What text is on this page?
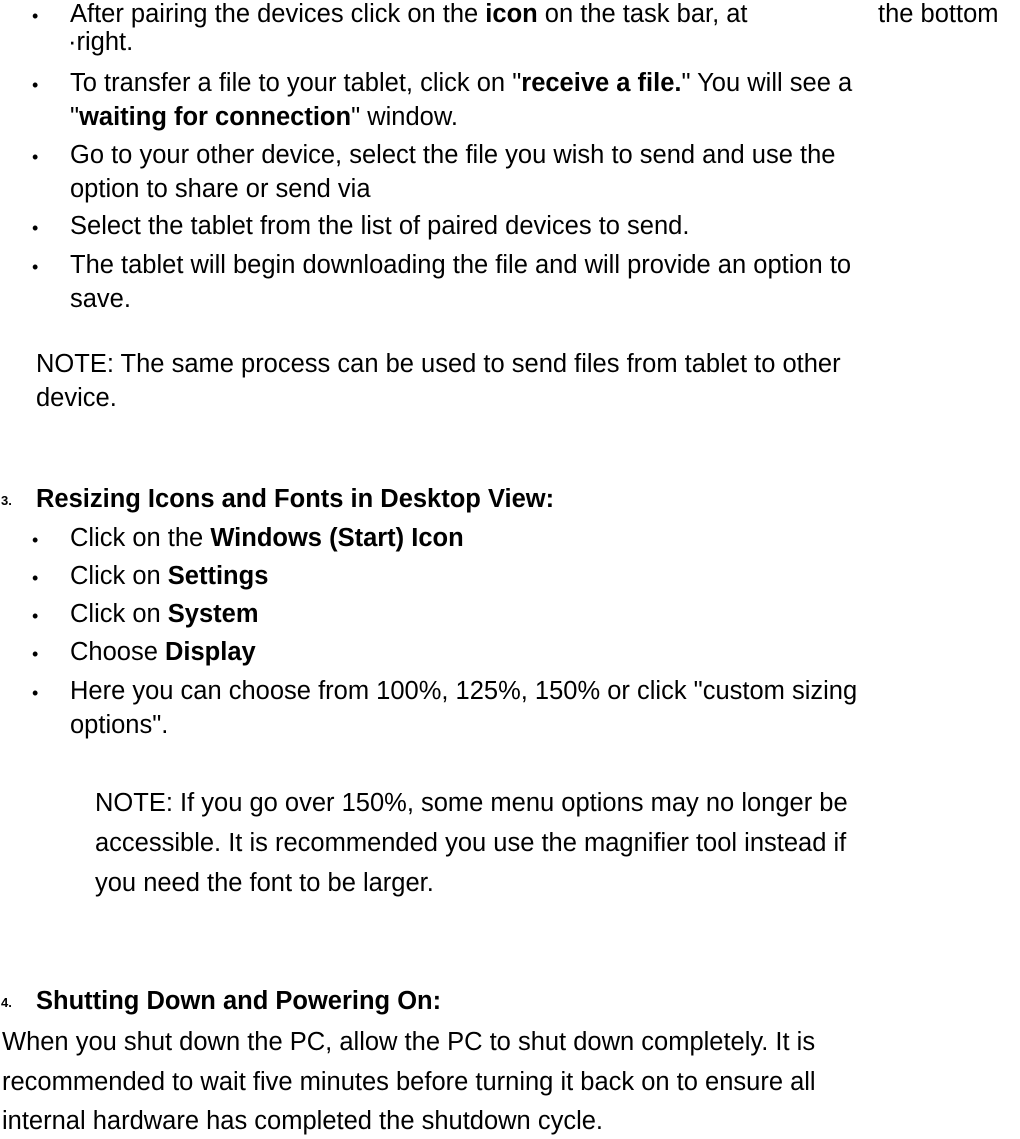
•
After pairing the devices click on the icon on the task bar, at	the bottom
·right.
•
To transfer a file to your tablet, click on "receive a file." You will see a
"waiting for connection" window.
•
Go to your other device, select the file you wish to send and use the
option to share or send via
•
Select the tablet from the list of paired devices to send.
•
The tablet will begin downloading the file and will provide an option to
save.
NOTE: The same process can be used to send files from tablet to other
device.
3. Resizing Icons and Fonts in Desktop View:
•
Click on the Windows (Start) Icon
•
Click on Settings
•
Click on System
•
Choose Display
•
Here you can choose from 100%, 125%, 150% or click "custom sizing
options".
NOTE: If you go over 150%, some menu options may no longer be
accessible. It is recommended you use the magnifier tool instead if
you need the font to be larger.
4. Shutting Down and Powering On:
When you shut down the PC, allow the PC to shut down completely. It is
recommended to wait five minutes before turning it back on to ensure all
internal hardware has completed the shutdown cycle.
